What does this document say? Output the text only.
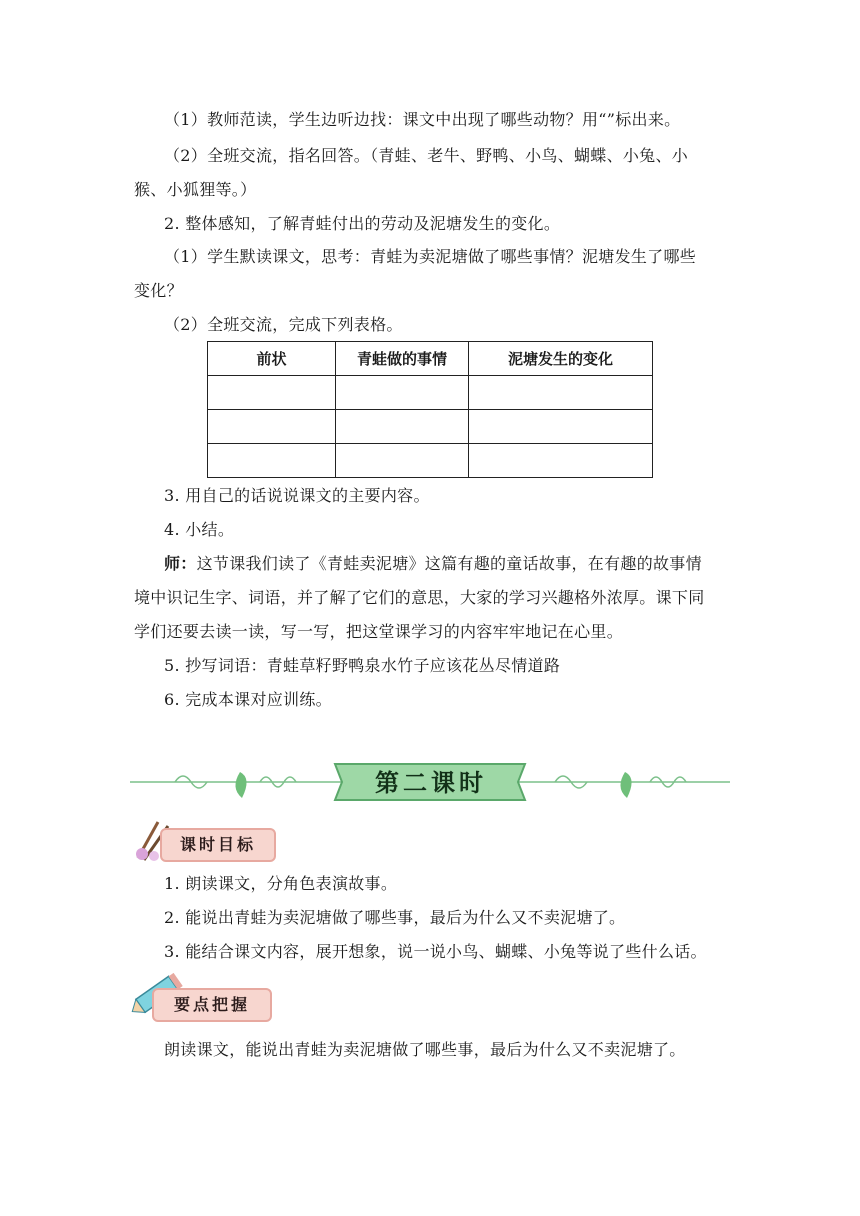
（1）教师范读，学生边听边找：课文中出现了哪些动物？用“”标出来。
（2）全班交流，指名回答。（青蛙、老牛、野鸭、小鸟、蝴蝶、小兔、小
猴、小狐狸等。）
2. 整体感知，了解青蛙付出的劳动及泥塘发生的变化。
（1）学生默读课文，思考：青蛙为卖泥塘做了哪些事情？泥塘发生了哪些
变化？
（2）全班交流，完成下列表格。
前状	青蛙做的事情	泥塘发生的变化

3. 用自己的话说说课文的主要内容。
4. 小结。
师：这节课我们读了《青蛙卖泥塘》这篇有趣的童话故事，在有趣的故事情
境中识记生字、词语，并了解了它们的意思，大家的学习兴趣格外浓厚。课下同
学们还要去读一读，写一写，把这堂课学习的内容牢牢地记在心里。
5. 抄写词语：青蛙草籽野鸭泉水竹子应该花丛尽情道路
6. 完成本课对应训练。
第二课时
课时目标
1. 朗读课文，分角色表演故事。
2. 能说出青蛙为卖泥塘做了哪些事，最后为什么又不卖泥塘了。
3. 能结合课文内容，展开想象，说一说小鸟、蝴蝶、小兔等说了些什么话。
要点把握
朗读课文，能说出青蛙为卖泥塘做了哪些事，最后为什么又不卖泥塘了。
